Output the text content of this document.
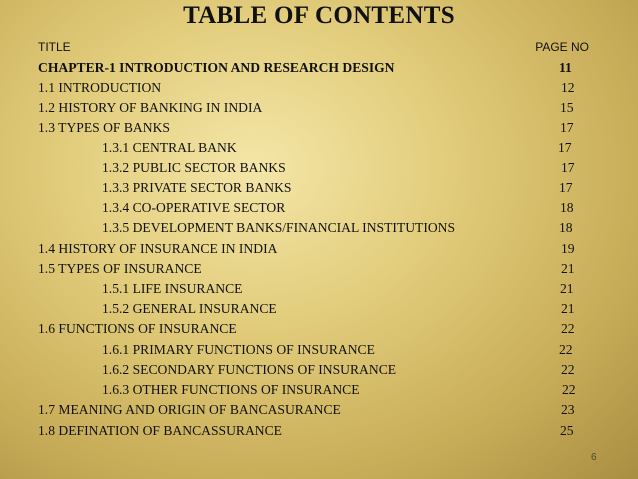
TABLE OF CONTENTS
TITLE	PAGE NO
CHAPTER-1 INTRODUCTION AND RESEARCH DESIGN	11
1.1 INTRODUCTION	12
1.2 HISTORY OF BANKING IN INDIA	15
1.3 TYPES OF BANKS	17
1.3.1 CENTRAL BANK	17
1.3.2 PUBLIC SECTOR BANKS	17
1.3.3 PRIVATE SECTOR BANKS	17
1.3.4 CO-OPERATIVE SECTOR	18
1.3.5 DEVELOPMENT BANKS/FINANCIAL INSTITUTIONS	18
1.4 HISTORY OF INSURANCE IN INDIA	19
1.5 TYPES OF INSURANCE	21
1.5.1 LIFE INSURANCE	21
1.5.2 GENERAL INSURANCE	21
1.6 FUNCTIONS OF INSURANCE	22
1.6.1 PRIMARY FUNCTIONS OF INSURANCE	22
1.6.2 SECONDARY FUNCTIONS OF INSURANCE	22
1.6.3 OTHER FUNCTIONS OF INSURANCE	22
1.7 MEANING AND ORIGIN OF BANCASURANCE	23
1.8 DEFINATION OF BANCASSURANCE	25
6
